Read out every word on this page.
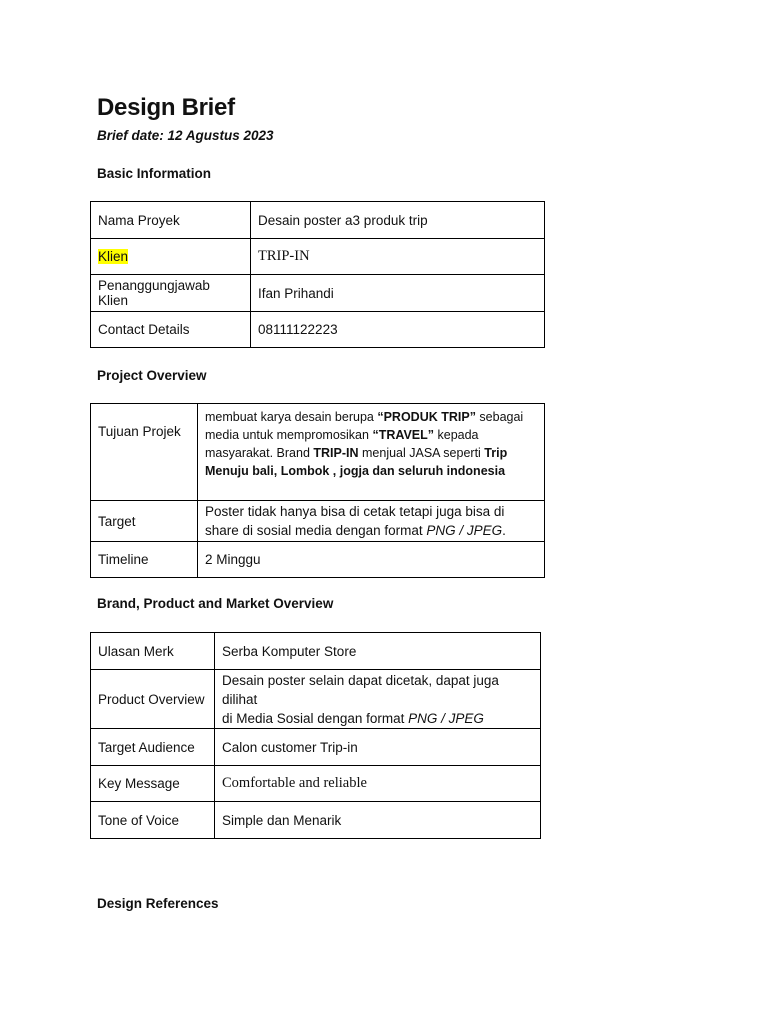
Design Brief
Brief date: 12 Agustus 2023
Basic Information
Nama Proyek	Desain poster a3 produk trip
Klien	TRIP-IN
Penanggungjawab Klien	Ifan Prihandi
Contact Details	08111122223
Project Overview
Tujuan Projek	membuat karya desain berupa “PRODUK TRIP” sebagai media untuk mempromosikan “TRAVEL” kepada masyarakat. Brand TRIP-IN menjual JASA seperti Trip Menuju bali, Lombok , jogja dan seluruh indonesia
Target	Poster tidak hanya bisa di cetak tetapi juga bisa di share di sosial media dengan format PNG / JPEG.
Timeline	2 Minggu
Brand, Product and Market Overview
Ulasan Merk	Serba Komputer Store
Product Overview	Desain poster selain dapat dicetak, dapat juga dilihat
di Media Sosial dengan format PNG / JPEG
Target Audience	Calon customer Trip-in
Key Message	Comfortable and reliable
Tone of Voice	Simple dan Menarik
Design References
